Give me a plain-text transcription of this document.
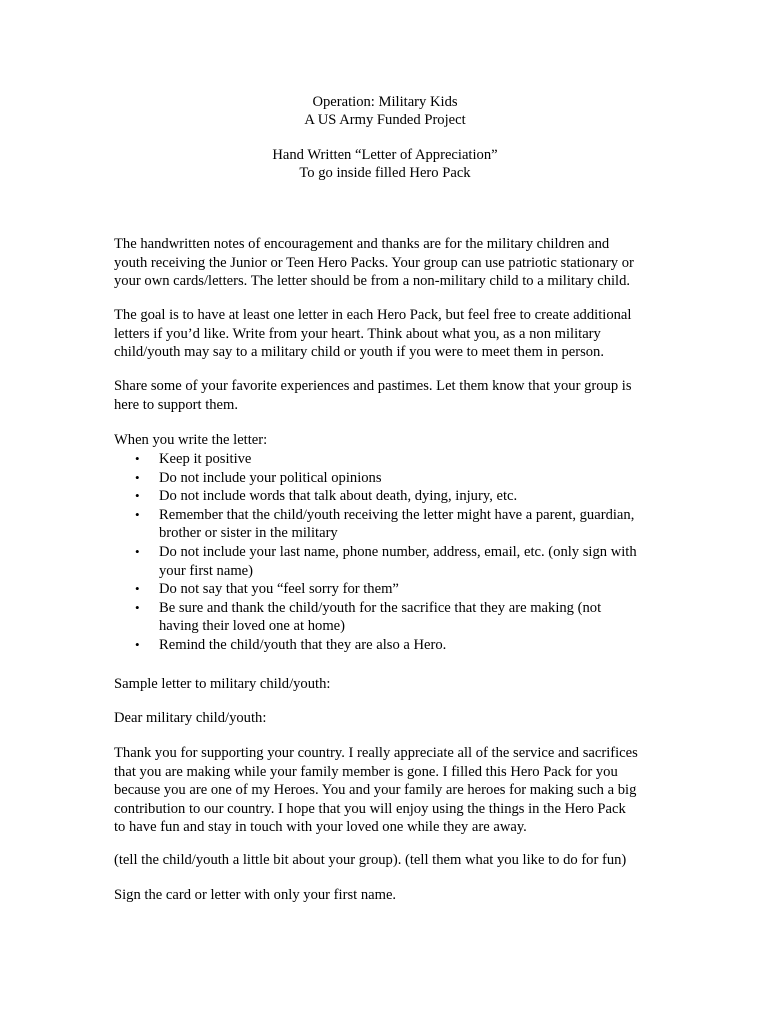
Operation: Military Kids
A US Army Funded Project
Hand Written “Letter of Appreciation”
To go inside filled Hero Pack
The handwritten notes of encouragement and thanks are for the military children and
youth receiving the Junior or Teen Hero Packs. Your group can use patriotic stationary or
your own cards/letters. The letter should be from a non-military child to a military child.
The goal is to have at least one letter in each Hero Pack, but feel free to create additional
letters if you’d like. Write from your heart. Think about what you, as a non military
child/youth may say to a military child or youth if you were to meet them in person.
Share some of your favorite experiences and pastimes. Let them know that your group is
here to support them.
When you write the letter:
• Keep it positive
• Do not include your political opinions
• Do not include words that talk about death, dying, injury, etc.
• Remember that the child/youth receiving the letter might have a parent, guardian,
brother or sister in the military
• Do not include your last name, phone number, address, email, etc. (only sign with
your first name)
• Do not say that you “feel sorry for them”
• Be sure and thank the child/youth for the sacrifice that they are making (not
having their loved one at home)
• Remind the child/youth that they are also a Hero.
Sample letter to military child/youth:
Dear military child/youth:
Thank you for supporting your country. I really appreciate all of the service and sacrifices
that you are making while your family member is gone. I filled this Hero Pack for you
because you are one of my Heroes. You and your family are heroes for making such a big
contribution to our country. I hope that you will enjoy using the things in the Hero Pack
to have fun and stay in touch with your loved one while they are away.
(tell the child/youth a little bit about your group). (tell them what you like to do for fun)
Sign the card or letter with only your first name.
